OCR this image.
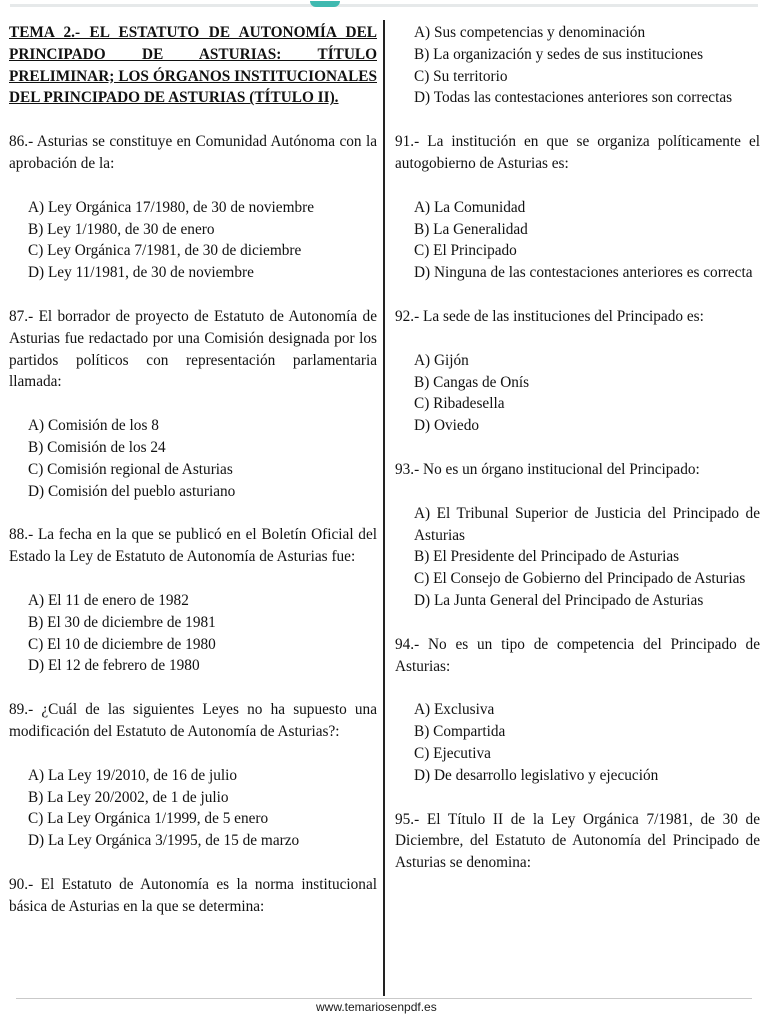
TEMA 2.- EL ESTATUTO DE AUTONOMÍA DEL PRINCIPADO DE ASTURIAS: TÍTULO PRELIMINAR; LOS ÓRGANOS INSTITUCIONALES DEL PRINCIPADO DE ASTURIAS (TÍTULO II).

86.- Asturias se constituye en Comunidad Autónoma con la aprobación de la:

A) Ley Orgánica 17/1980, de 30 de noviembre
B) Ley 1/1980, de 30 de enero
C) Ley Orgánica 7/1981, de 30 de diciembre
D) Ley 11/1981, de 30 de noviembre

87.- El borrador de proyecto de Estatuto de Autonomía de Asturias fue redactado por una Comisión designada por los partidos políticos con representación parlamentaria llamada:

A) Comisión de los 8
B) Comisión de los 24
C) Comisión regional de Asturias
D) Comisión del pueblo asturiano

88.- La fecha en la que se publicó en el Boletín Oficial del Estado la Ley de Estatuto de Autonomía de Asturias fue:

A) El 11 de enero de 1982
B) El 30 de diciembre de 1981
C) El 10 de diciembre de 1980
D) El 12 de febrero de 1980

89.- ¿Cuál de las siguientes Leyes no ha supuesto una modificación del Estatuto de Autonomía de Asturias?:

A) La Ley 19/2010, de 16 de julio
B) La Ley 20/2002, de 1 de julio
C) La Ley Orgánica 1/1999, de 5 enero
D) La Ley Orgánica 3/1995, de 15 de marzo

90.- El Estatuto de Autonomía es la norma institucional básica de Asturias en la que se determina:

A) Sus competencias y denominación
B) La organización y sedes de sus instituciones
C) Su territorio
D) Todas las contestaciones anteriores son correctas

91.- La institución en que se organiza políticamente el autogobierno de Asturias es:

A) La Comunidad
B) La Generalidad
C) El Principado
D) Ninguna de las contestaciones anteriores es correcta

92.- La sede de las instituciones del Principado es:

A) Gijón
B) Cangas de Onís
C) Ribadesella
D) Oviedo

93.- No es un órgano institucional del Principado:

A) El Tribunal Superior de Justicia del Principado de Asturias
B) El Presidente del Principado de Asturias
C) El Consejo de Gobierno del Principado de Asturias
D) La Junta General del Principado de Asturias

94.- No es un tipo de competencia del Principado de Asturias:

A) Exclusiva
B) Compartida
C) Ejecutiva
D) De desarrollo legislativo y ejecución

95.- El Título II de la Ley Orgánica 7/1981, de 30 de Diciembre, del Estatuto de Autonomía del Principado de Asturias se denomina:

www.temariosenpdf.es
